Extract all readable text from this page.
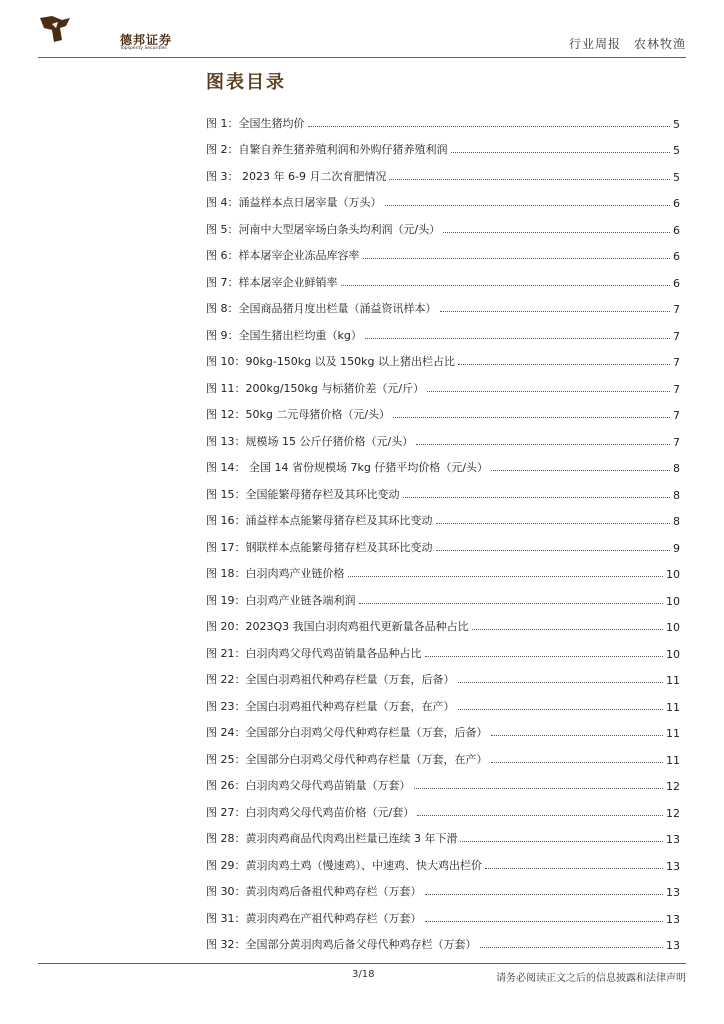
德邦证券
Topsperity Securities	行业周报　农林牧渔
图表目录
图 1：全国生猪均价	5
图 2：自繁自养生猪养殖利润和外购仔猪养殖利润	5
图 3： 2023 年 6-9 月二次育肥情况	5
图 4：涌益样本点日屠宰量（万头）	6
图 5：河南中大型屠宰场白条头均利润（元/头）	6
图 6：样本屠宰企业冻品库容率	6
图 7：样本屠宰企业鲜销率	6
图 8：全国商品猪月度出栏量（涌益资讯样本）	7
图 9：全国生猪出栏均重（kg）	7
图 10：90kg-150kg 以及 150kg 以上猪出栏占比	7
图 11：200kg/150kg 与标猪价差（元/斤）	7
图 12：50kg 二元母猪价格（元/头）	7
图 13：规模场 15 公斤仔猪价格（元/头）	7
图 14： 全国 14 省份规模场 7kg 仔猪平均价格（元/头）	8
图 15：全国能繁母猪存栏及其环比变动	8
图 16：涌益样本点能繁母猪存栏及其环比变动	8
图 17：钢联样本点能繁母猪存栏及其环比变动	9
图 18：白羽肉鸡产业链价格	10
图 19：白羽鸡产业链各端利润	10
图 20：2023Q3 我国白羽肉鸡祖代更新量各品种占比	10
图 21：白羽肉鸡父母代鸡苗销量各品种占比	10
图 22：全国白羽鸡祖代种鸡存栏量（万套，后备）	11
图 23：全国白羽鸡祖代种鸡存栏量（万套，在产）	11
图 24：全国部分白羽鸡父母代种鸡存栏量（万套，后备）	11
图 25：全国部分白羽鸡父母代种鸡存栏量（万套，在产）	11
图 26：白羽肉鸡父母代鸡苗销量（万套）	12
图 27：白羽肉鸡父母代鸡苗价格（元/套）	12
图 28：黄羽肉鸡商品代肉鸡出栏量已连续 3 年下滑	13
图 29：黄羽肉鸡土鸡（慢速鸡）、中速鸡、快大鸡出栏价	13
图 30：黄羽肉鸡后备祖代种鸡存栏（万套）	13
图 31：黄羽肉鸡在产祖代种鸡存栏（万套）	13
图 32：全国部分黄羽肉鸡后备父母代种鸡存栏（万套）	13
3/18	请务必阅读正文之后的信息披露和法律声明
